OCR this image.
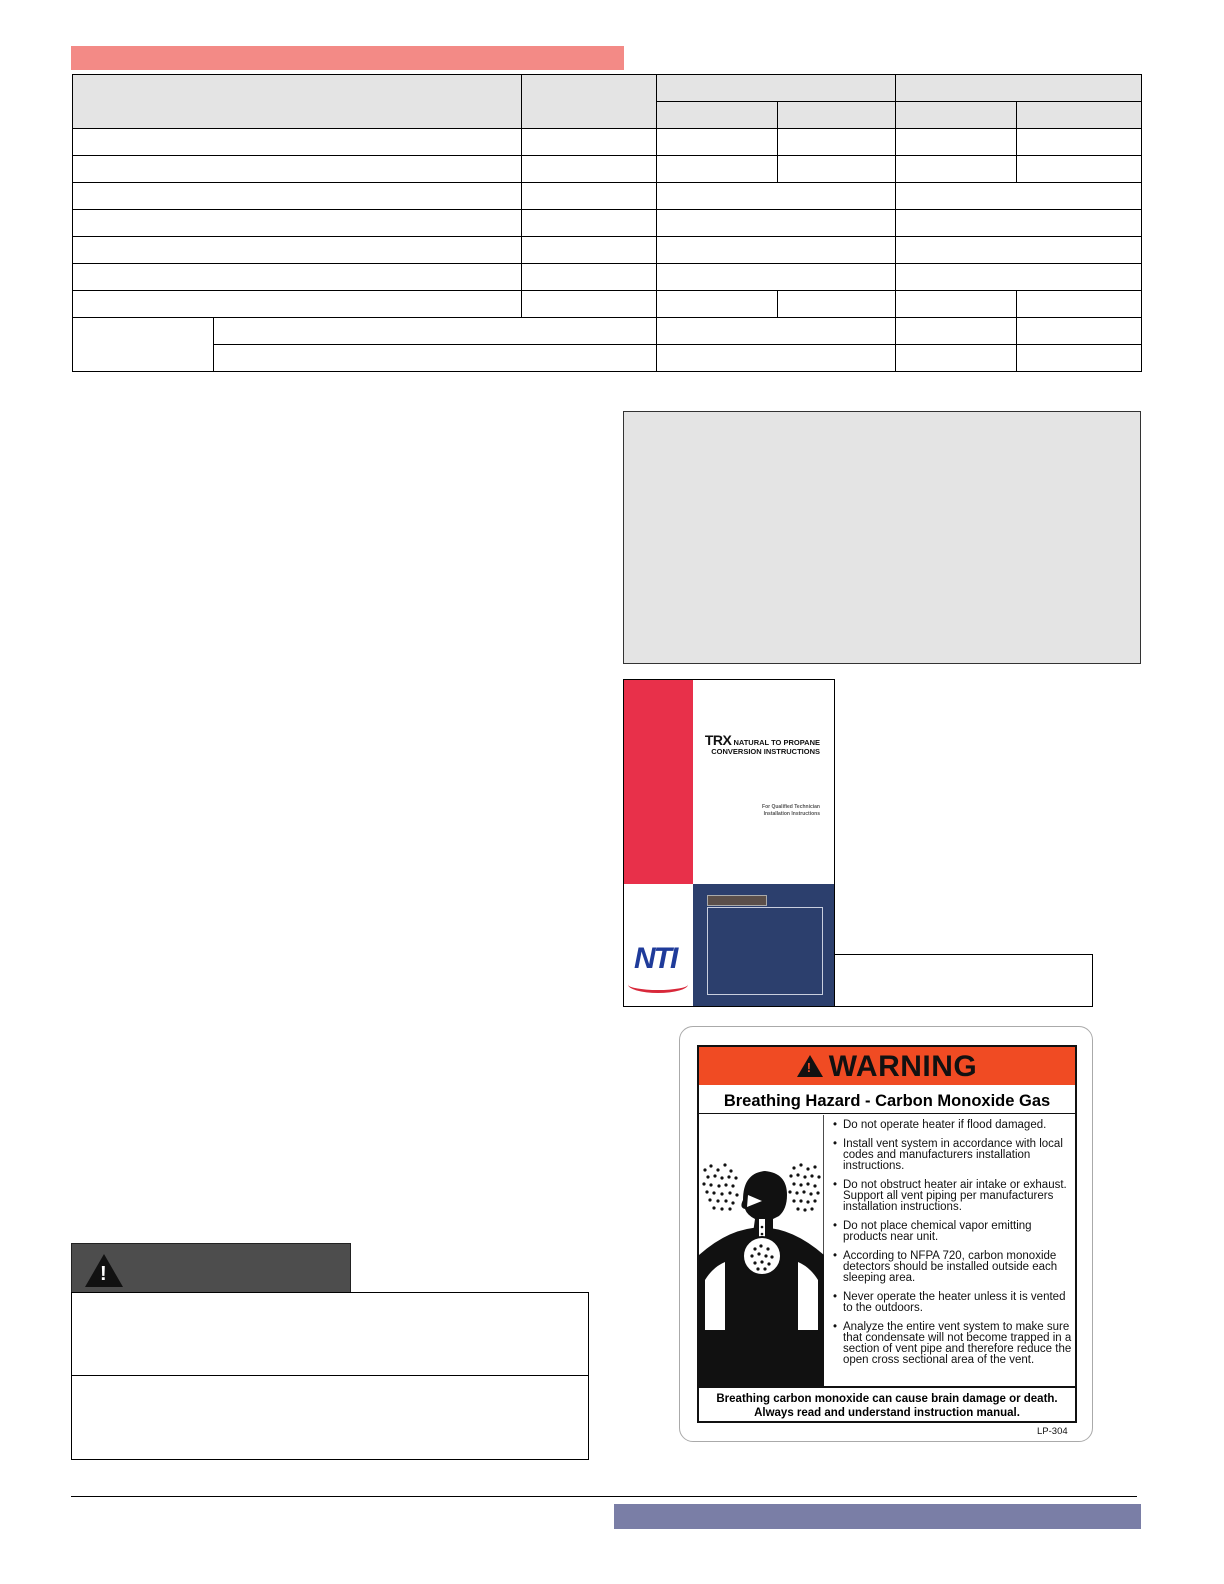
TRX NATURAL TO PROPANE
CONVERSION INSTRUCTIONS
For Qualified Technician
Installation Instructions
NTI
! WARNING
Breathing Hazard - Carbon Monoxide Gas
• Do not operate heater if flood damaged.
• Install vent system in accordance with local codes and manufacturers installation instructions.
• Do not obstruct heater air intake or exhaust. Support all vent piping per manufacturers installation instructions.
• Do not place chemical vapor emitting products near unit.
• According to NFPA 720, carbon monoxide detectors should be installed outside each sleeping area.
• Never operate the heater unless it is vented to the outdoors.
• Analyze the entire vent system to make sure that condensate will not become trapped in a section of vent pipe and therefore reduce the open cross sectional area of the vent.
Breathing carbon monoxide can cause brain damage or death.
Always read and understand instruction manual.
LP-304
!
